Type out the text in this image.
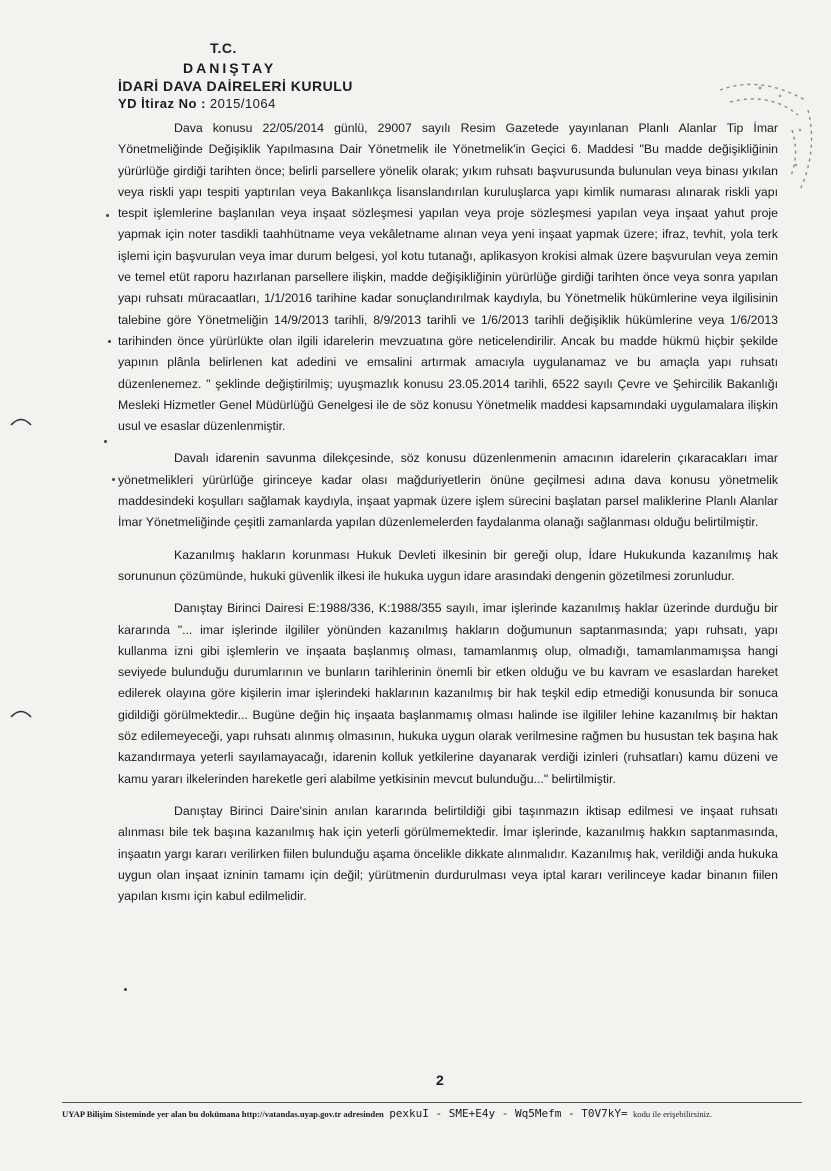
T.C.
DANIŞTAY
İDARİ DAVA DAİRELERİ KURULU
YD İtiraz No : 2015/1064

Dava konusu 22/05/2014 günlü, 29007 sayılı Resim Gazetede yayınlanan Planlı Alanlar Tip İmar Yönetmeliğinde Değişiklik Yapılmasına Dair Yönetmelik ile Yönetmelik'in Geçici 6. Maddesi "Bu madde değişikliğinin yürürlüğe girdiği tarihten önce; belirli parsellere yönelik olarak; yıkım ruhsatı başvurusunda bulunulan veya binası yıkılan veya riskli yapı tespiti yaptırılan veya Bakanlıkça lisanslandırılan kuruluşlarca yapı kimlik numarası alınarak riskli yapı tespit işlemlerine başlanılan veya inşaat sözleşmesi yapılan veya proje sözleşmesi yapılan veya inşaat yahut proje yapmak için noter tasdikli taahhütname veya vekâletname alınan veya yeni inşaat yapmak üzere; ifraz, tevhit, yola terk işlemi için başvurulan veya imar durum belgesi, yol kotu tutanağı, aplikasyon krokisi almak üzere başvurulan veya zemin ve temel etüt raporu hazırlanan parsellere ilişkin, madde değişikliğinin yürürlüğe girdiği tarihten önce veya sonra yapılan yapı ruhsatı müracaatları, 1/1/2016 tarihine kadar sonuçlandırılmak kaydıyla, bu Yönetmelik hükümlerine veya ilgilisinin talebine göre Yönetmeliğin 14/9/2013 tarihli, 8/9/2013 tarihli ve 1/6/2013 tarihli değişiklik hükümlerine veya 1/6/2013 tarihinden önce yürürlükte olan ilgili idarelerin mevzuatına göre neticelendirilir. Ancak bu madde hükmü hiçbir şekilde yapının plânla belirlenen kat adedini ve emsalini artırmak amacıyla uygulanamaz ve bu amaçla yapı ruhsatı düzenlenemez. " şeklinde değiştirilmiş; uyuşmazlık konusu 23.05.2014 tarihli, 6522 sayılı Çevre ve Şehircilik Bakanlığı Mesleki Hizmetler Genel Müdürlüğü Genelgesi ile de söz konusu Yönetmelik maddesi kapsamındaki uygulamalara ilişkin usul ve esaslar düzenlenmiştir.

Davalı idarenin savunma dilekçesinde, söz konusu düzenlenmenin amacının idarelerin çıkaracakları imar yönetmelikleri yürürlüğe girinceye kadar olası mağduriyetlerin önüne geçilmesi adına dava konusu yönetmelik maddesindeki koşulları sağlamak kaydıyla, inşaat yapmak üzere işlem sürecini başlatan parsel maliklerine Planlı Alanlar İmar Yönetmeliğinde çeşitli zamanlarda yapılan düzenlemelerden faydalanma olanağı sağlanması olduğu belirtilmiştir.

Kazanılmış hakların korunması Hukuk Devleti ilkesinin bir gereği olup, İdare Hukukunda kazanılmış hak sorununun çözümünde, hukuki güvenlik ilkesi ile hukuka uygun idare arasındaki dengenin gözetilmesi zorunludur.

Danıştay Birinci Dairesi E:1988/336, K:1988/355 sayılı, imar işlerinde kazanılmış haklar üzerinde durduğu bir kararında "... imar işlerinde ilgililer yönünden kazanılmış hakların doğumunun saptanmasında; yapı ruhsatı, yapı kullanma izni gibi işlemlerin ve inşaata başlanmış olması, tamamlanmış olup, olmadığı, tamamlanmamışsa hangi seviyede bulunduğu durumlarının ve bunların tarihlerinin önemli bir etken olduğu ve bu kavram ve esaslardan hareket edilerek olayına göre kişilerin imar işlerindeki haklarının kazanılmış bir hak teşkil edip etmediği konusunda bir sonuca gidildiği görülmektedir... Bugüne değin hiç inşaata başlanmamış olması halinde ise ilgililer lehine kazanılmış bir haktan söz edilemeyeceği, yapı ruhsatı alınmış olmasının, hukuka uygun olarak verilmesine rağmen bu husustan tek başına hak kazandırmaya yeterli sayılamayacağı, idarenin kolluk yetkilerine dayanarak verdiği izinleri (ruhsatları) kamu düzeni ve kamu yararı ilkelerinden hareketle geri alabilme yetkisinin mevcut bulunduğu..." belirtilmiştir.

Danıştay Birinci Daire'sinin anılan kararında belirtildiği gibi taşınmazın iktisap edilmesi ve inşaat ruhsatı alınması bile tek başına kazanılmış hak için yeterli görülmemektedir. İmar işlerinde, kazanılmış hakkın saptanmasında, inşaatın yargı kararı verilirken fiilen bulunduğu aşama öncelikle dikkate alınmalıdır. Kazanılmış hak, verildiği anda hukuka uygun olan inşaat izninin tamamı için değil; yürütmenin durdurulması veya iptal kararı verilinceye kadar binanın fiilen yapılan kısmı için kabul edilmelidir.

2
UYAP Bilişim Sisteminde yer alan bu dokümana http://vatandas.uyap.gov.tr adresinden pexkuI - SME+E4y - Wq5Mefm - T0V7kY= kodu ile erişebilirsiniz.
